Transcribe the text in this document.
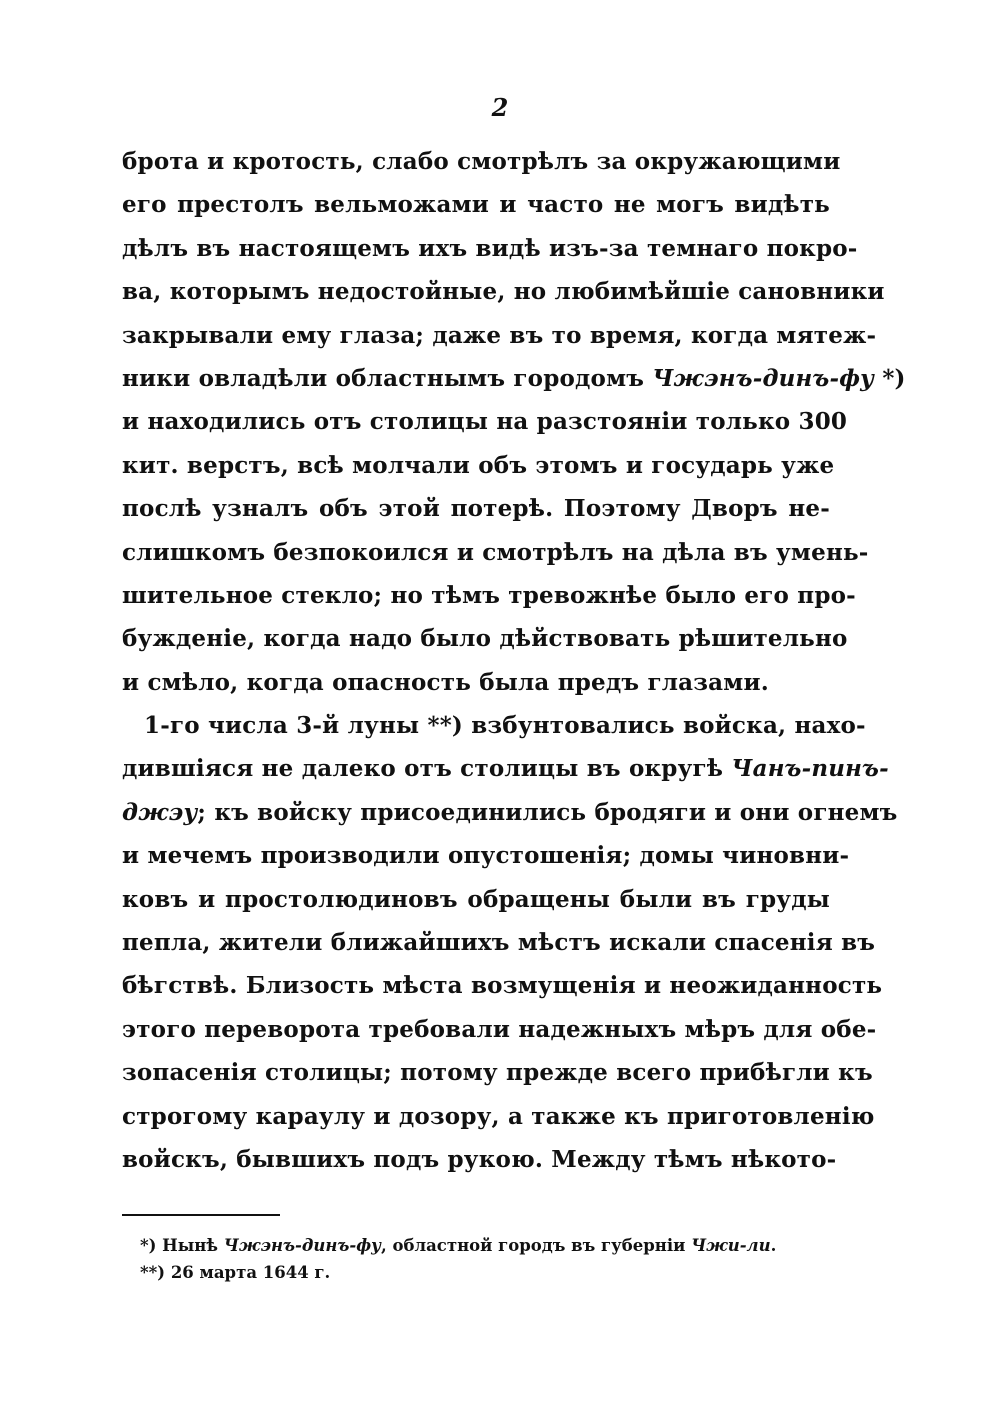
2
брота и кротость, слабо смотрѣлъ за окружающими
его престолъ вельможами и часто не могъ видѣть
дѣлъ въ настоящемъ ихъ видѣ изъ-за темнаго покро-
ва, которымъ недостойные, но любимѣйшіе сановники
закрывали ему глаза; даже въ то время, когда мятеж-
ники овладѣли областнымъ городомъ Чжэнъ-динъ-фу *)
и находились отъ столицы на разстояніи только 300
кит. верстъ, всѣ молчали объ этомъ и государь уже
послѣ узналъ объ этой потерѣ. Поэтому Дворъ не-
слишкомъ безпокоился и смотрѣлъ на дѣла въ умень-
шительное стекло; но тѣмъ тревожнѣе было его про-
бужденіе, когда надо было дѣйствовать рѣшительно
и смѣло, когда опасность была предъ глазами.
1-го числа 3-й луны **) взбунтовались войска, нахо-
дившіяся не далеко отъ столицы въ округѣ Чанъ-пинъ-
джэу; къ войску присоединились бродяги и они огнемъ
и мечемъ производили опустошенія; домы чиновни-
ковъ и простолюдиновъ обращены были въ груды
пепла, жители ближайшихъ мѣстъ искали спасенія въ
бѣгствѣ. Близость мѣста возмущенія и неожиданность
этого переворота требовали надежныхъ мѣръ для обе-
зопасенія столицы; потому прежде всего прибѣгли къ
строгому караулу и дозору, а также къ приготовленію
войскъ, бывшихъ подъ рукою. Между тѣмъ нѣкото-
*) Нынѣ Чжэнъ-динъ-фу, областной городъ въ губерніи Чжи-ли.
**) 26 марта 1644 г.
